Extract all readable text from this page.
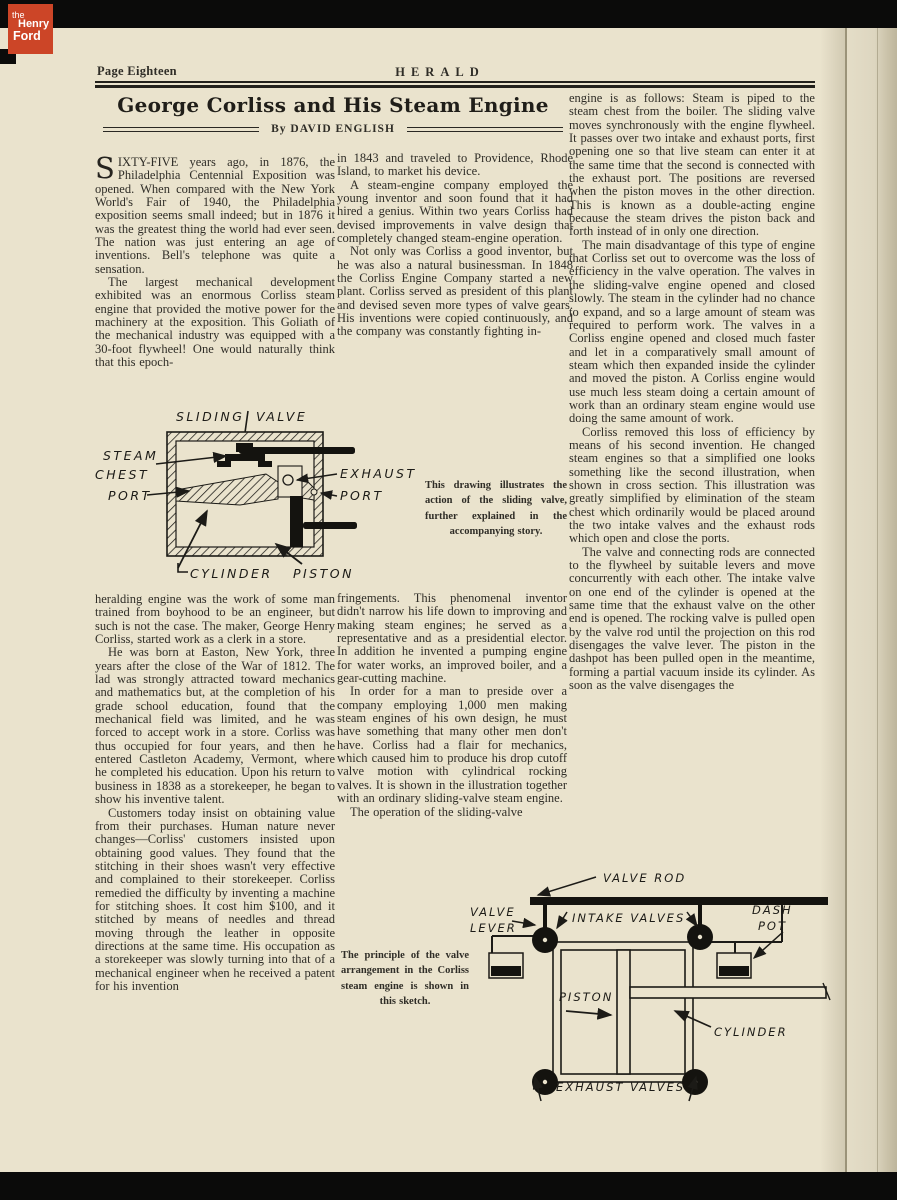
the
Henry
Ford
Page Eighteen	HERALD
George Corliss and His Steam Engine
By DAVID ENGLISH

SIXTY-FIVE years ago, in 1876, the Philadelphia Centennial Exposition was opened. When compared with the New York World's Fair of 1940, the Philadelphia exposition seems small indeed; but in 1876 it was the greatest thing the world had ever seen. The nation was just entering an age of inventions. Bell's telephone was quite a sensation.

The largest mechanical development exhibited was an enormous Corliss steam engine that provided the motive power for the machinery at the exposition. This Goliath of the mechanical industry was equipped with a 30-foot flywheel! One would naturally think that this epoch-

in 1843 and traveled to Providence, Rhode Island, to market his device.

A steam-engine company employed the young inventor and soon found that it had hired a genius. Within two years Corliss had devised improvements in valve design that completely changed steam-engine operation.

Not only was Corliss a good inventor, but he was also a natural businessman. In 1848 the Corliss Engine Company started a new plant. Corliss served as president of this plant and devised seven more types of valve gears. His inventions were copied continuously, and the company was constantly fighting in-

engine is as follows: Steam is piped to the steam chest from the boiler. The sliding valve moves synchronously with the engine flywheel. It passes over two intake and exhaust ports, first opening one so that live steam can enter it at the same time that the second is connected with the exhaust port. The positions are reversed when the piston moves in the other direction. This is known as a double-acting engine because the steam drives the piston back and forth instead of in only one direction.

The main disadvantage of this type of engine that Corliss set out to overcome was the loss of efficiency in the valve operation. The valves in the sliding-valve engine opened and closed slowly. The steam in the cylinder had no chance to expand, and so a large amount of steam was required to perform work. The valves in a Corliss engine opened and closed much faster and let in a comparatively small amount of steam which then expanded inside the cylinder and moved the piston. A Corliss engine would use much less steam doing a certain amount of work than an ordinary steam engine would use doing the same amount of work.

Corliss removed this loss of efficiency by means of his second invention. He changed steam engines so that a simplified one looks something like the second illustration, when shown in cross section. This illustration was greatly simplified by elimination of the steam chest which ordinarily would be placed around the two intake valves and the exhaust rods which open and close the ports.

The valve and connecting rods are connected to the flywheel by suitable levers and move concurrently with each other. The intake valve on one end of the cylinder is opened at the same time that the exhaust valve on the other end is opened. The rocking valve is pulled open by the valve rod until the projection on this rod disengages the valve lever. The piston in the dashpot has been pulled open in the meantime, forming a partial vacuum inside its cylinder. As soon as the valve disengages the

heralding engine was the work of some man trained from boyhood to be an engineer, but such is not the case. The maker, George Henry Corliss, started work as a clerk in a store.

He was born at Easton, New York, three years after the close of the War of 1812. The lad was strongly attracted toward mechanics and mathematics but, at the completion of his grade school education, found that the mechanical field was limited, and he was forced to accept work in a store. Corliss was thus occupied for four years, and then he entered Castleton Academy, Vermont, where he completed his education. Upon his return to business in 1838 as a storekeeper, he began to show his inventive talent.

Customers today insist on obtaining value from their purchases. Human nature never changes—Corliss' customers insisted upon obtaining good values. They found that the stitching in their shoes wasn't very effective and complained to their storekeeper. Corliss remedied the difficulty by inventing a machine for stitching shoes. It cost him $100, and it stitched by means of needles and thread moving through the leather in opposite directions at the same time. His occupation as a storekeeper was slowly turning into that of a mechanical engineer when he received a patent for his invention

fringements. This phenomenal inventor didn't narrow his life down to improving and making steam engines; he served as a representative and as a presidential elector. In addition he invented a pumping engine for water works, an improved boiler, and a gear-cutting machine.

In order for a man to preside over a company employing 1,000 men making steam engines of his own design, he must have something that many other men don't have. Corliss had a flair for mechanics, which caused him to produce his drop cutoff valve motion with cylindrical rocking valves. It is shown in the illustration together with an ordinary sliding-valve steam engine.

The operation of the sliding-valve

This drawing illustrates the action of the sliding valve, further explained in the accompanying story.
The principle of the valve arrangement in the Corliss steam engine is shown in this sketch.
SLIDING VALVE
STEAM
CHEST
PORT
EXHAUST
PORT
CYLINDER PISTON
VALVE ROD
VALVE
LEVER
INTAKE VALVES
DASH
POT
PISTON
CYLINDER
EXHAUST VALVES
